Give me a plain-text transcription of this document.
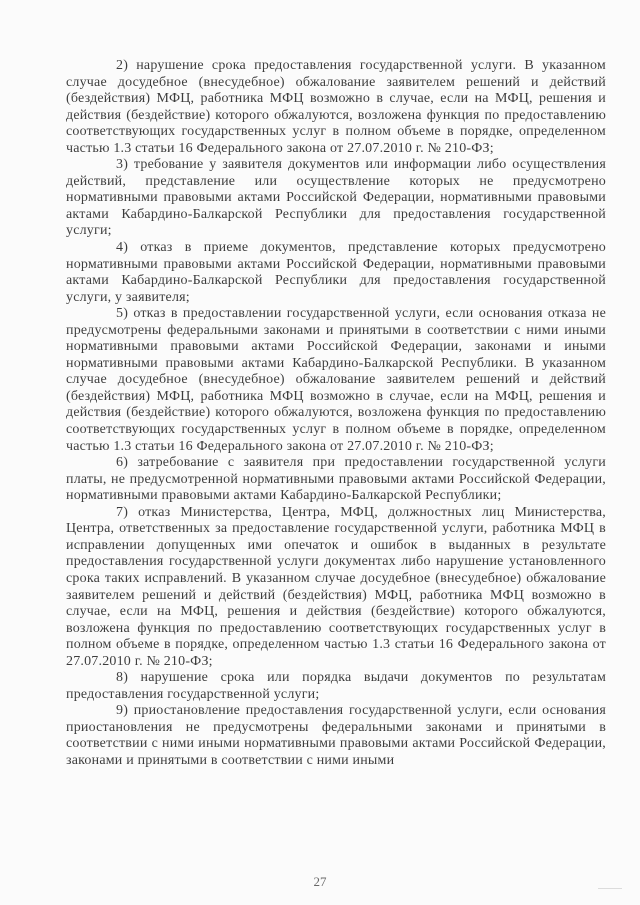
2) нарушение срока предоставления государственной услуги. В указанном случае досудебное (внесудебное) обжалование заявителем решений и действий (бездействия) МФЦ, работника МФЦ возможно в случае, если на МФЦ, решения и действия (бездействие) которого обжалуются, возложена функция по предоставлению соответствующих государственных услуг в полном объеме в порядке, определенном частью 1.3 статьи 16 Федерального закона от 27.07.2010 г. № 210-ФЗ;

3) требование у заявителя документов или информации либо осуществления действий, представление или осуществление которых не предусмотрено нормативными правовыми актами Российской Федерации, нормативными правовыми актами Кабардино-Балкарской Республики для предоставления государственной услуги;

4) отказ в приеме документов, представление которых предусмотрено нормативными правовыми актами Российской Федерации, нормативными правовыми актами Кабардино-Балкарской Республики для предоставления государственной услуги, у заявителя;

5) отказ в предоставлении государственной услуги, если основания отказа не предусмотрены федеральными законами и принятыми в соответствии с ними иными нормативными правовыми актами Российской Федерации, законами и иными нормативными правовыми актами Кабардино-Балкарской Республики. В указанном случае досудебное (внесудебное) обжалование заявителем решений и действий (бездействия) МФЦ, работника МФЦ возможно в случае, если на МФЦ, решения и действия (бездействие) которого обжалуются, возложена функция по предоставлению соответствующих государственных услуг в полном объеме в порядке, определенном частью 1.3 статьи 16 Федерального закона от 27.07.2010 г. № 210-ФЗ;

6) затребование с заявителя при предоставлении государственной услуги платы, не предусмотренной нормативными правовыми актами Российской Федерации, нормативными правовыми актами Кабардино-Балкарской Республики;

7) отказ Министерства, Центра, МФЦ, должностных лиц Министерства, Центра, ответственных за предоставление государственной услуги, работника МФЦ в исправлении допущенных ими опечаток и ошибок в выданных в результате предоставления государственной услуги документах либо нарушение установленного срока таких исправлений. В указанном случае досудебное (внесудебное) обжалование заявителем решений и действий (бездействия) МФЦ, работника МФЦ возможно в случае, если на МФЦ, решения и действия (бездействие) которого обжалуются, возложена функция по предоставлению соответствующих государственных услуг в полном объеме в порядке, определенном частью 1.3 статьи 16 Федерального закона от 27.07.2010 г. № 210-ФЗ;

8) нарушение срока или порядка выдачи документов по результатам предоставления государственной услуги;

9) приостановление предоставления государственной услуги, если основания приостановления не предусмотрены федеральными законами и принятыми в соответствии с ними иными нормативными правовыми актами Российской Федерации, законами и принятыми в соответствии с ними иными

27
